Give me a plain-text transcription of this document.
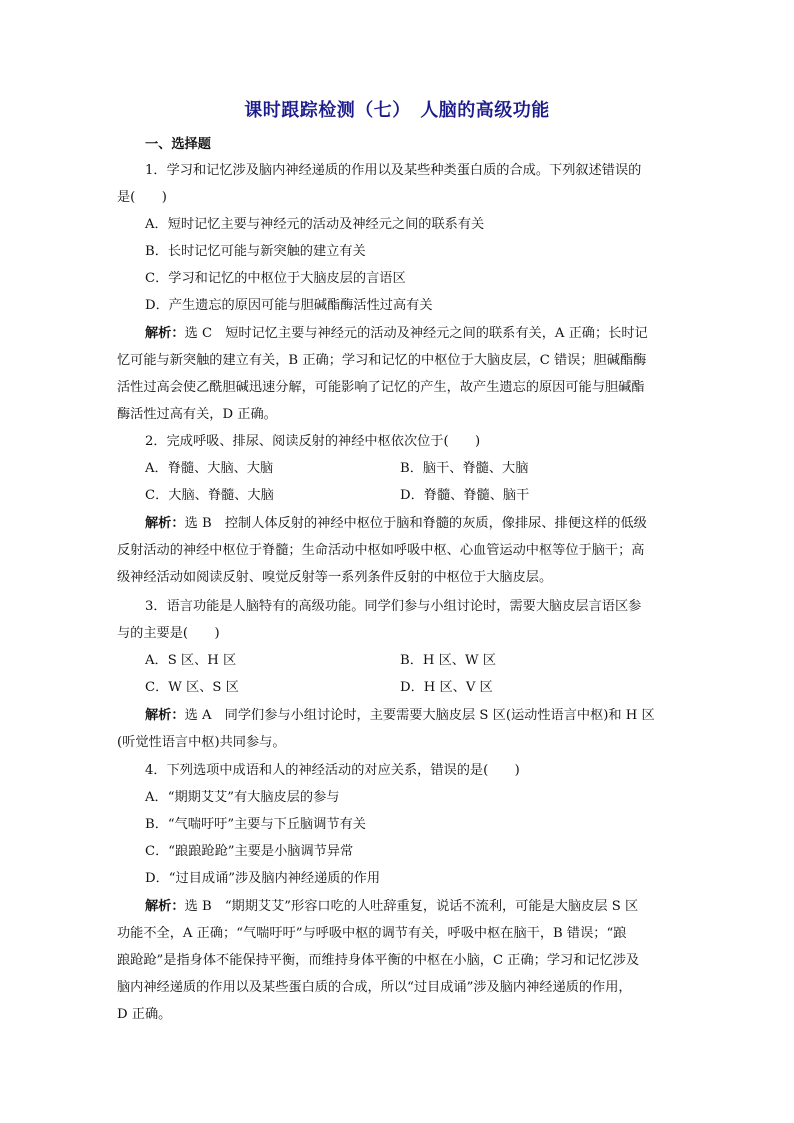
课时跟踪检测（七）　人脑的高级功能
一、选择题
1．学习和记忆涉及脑内神经递质的作用以及某些种类蛋白质的合成。下列叙述错误的
是(　　)
A．短时记忆主要与神经元的活动及神经元之间的联系有关
B．长时记忆可能与新突触的建立有关
C．学习和记忆的中枢位于大脑皮层的言语区
D．产生遗忘的原因可能与胆碱酯酶活性过高有关
解析：选 C　短时记忆主要与神经元的活动及神经元之间的联系有关，A 正确；长时记
忆可能与新突触的建立有关，B 正确；学习和记忆的中枢位于大脑皮层，C 错误；胆碱酯酶
活性过高会使乙酰胆碱迅速分解，可能影响了记忆的产生，故产生遗忘的原因可能与胆碱酯
酶活性过高有关，D 正确。
2．完成呼吸、排尿、阅读反射的神经中枢依次位于(　　)
A．脊髓、大脑、大脑	B．脑干、脊髓、大脑
C．大脑、脊髓、大脑	D．脊髓、脊髓、脑干
解析：选 B　控制人体反射的神经中枢位于脑和脊髓的灰质，像排尿、排便这样的低级
反射活动的神经中枢位于脊髓；生命活动中枢如呼吸中枢、心血管运动中枢等位于脑干；高
级神经活动如阅读反射、嗅觉反射等一系列条件反射的中枢位于大脑皮层。
3．语言功能是人脑特有的高级功能。同学们参与小组讨论时，需要大脑皮层言语区参
与的主要是(　　)
A．S 区、H 区	B．H 区、W 区
C．W 区、S 区	D．H 区、V 区
解析：选 A　同学们参与小组讨论时，主要需要大脑皮层 S 区(运动性语言中枢)和 H 区
(听觉性语言中枢)共同参与。
4．下列选项中成语和人的神经活动的对应关系，错误的是(　　)
A．“期期艾艾”有大脑皮层的参与
B．“气喘吁吁”主要与下丘脑调节有关
C．“踉踉跄跄”主要是小脑调节异常
D．“过目成诵”涉及脑内神经递质的作用
解析：选 B　“期期艾艾”形容口吃的人吐辞重复，说话不流利，可能是大脑皮层 S 区
功能不全，A 正确；“气喘吁吁”与呼吸中枢的调节有关，呼吸中枢在脑干，B 错误；“踉
踉跄跄”是指身体不能保持平衡，而维持身体平衡的中枢在小脑，C 正确；学习和记忆涉及
脑内神经递质的作用以及某些蛋白质的合成，所以“过目成诵”涉及脑内神经递质的作用，
D 正确。
